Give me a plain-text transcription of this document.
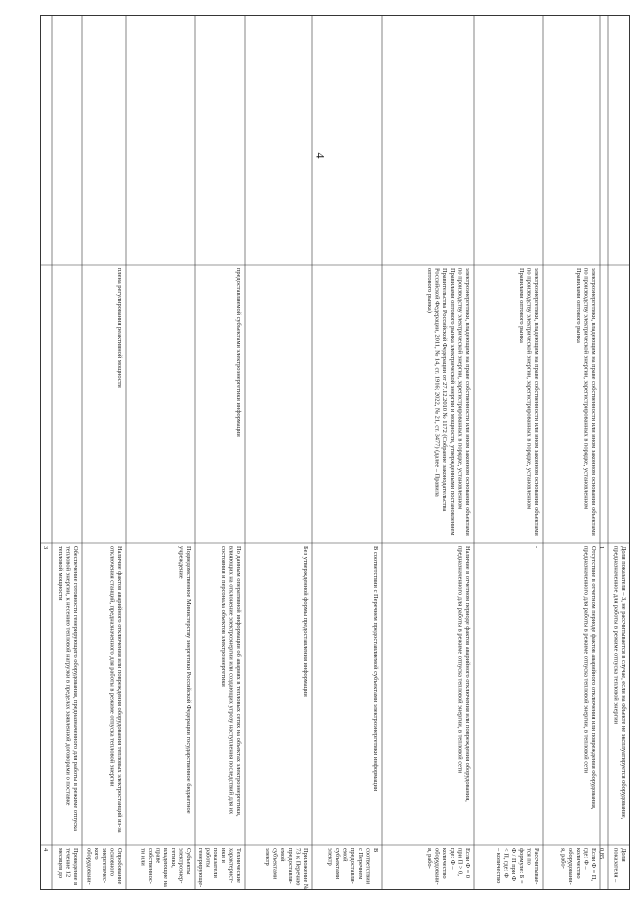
4
3
4
Обеспечение готовности генерирующего оборудования, предназначенного для работы в режиме отпускатепловой энергии, к несению тепловой нагрузки в пределах заявленной договорами о поставкетепловой мощности
Проведение втечение 12месяцев до
плена регулирования реактивной мощности
Наличие фактов аварийного отключения или повреждения оборудования тепловых электростанций из-заотключения станций, предназначенного для работы в режиме отпуска тепловой энергии
Опробованиеосновногоэнергетичес-когооборудовани-
Подведомственное Министерству энергетики Российской Федерации государственное бюджетноеучреждение
Субъектыэлектроэнер-гетики,владеющие направесобственнос-ти или
предоставляемой субъектами электроэнергетики информации
По данным оперативной информации об авариях в тепловых сетях на объектах электроэнергетики,влияющих на отклонение электроэнергии или создающих угрозу наступления последствий для ихсостояния и персонала объектов электроэнергетики
Техническиехарактерист-ики ипоказателиработыгенерирующе-
Без утвержденной формы предоставления информации
Приложение №73 к Перечнюпредоставля-емойсубъектамиэлектр
В соответствии с Перечнем предоставляемой субъектами электроэнергетики информации
Всоответствиис Перечнемпредоставля-емойсубъектамиэлектр
электроэнергетики, владеющим на праве собственности или ином законном основании объектамипо производству электрической энергии, зарегистрированных в порядке, установленномПравилами оптового рынка электрической энергии и мощности, утвержденными постановлениемПравительства Российской Федерации от 27.12.2010 № 1172 (Собрание законодательстваРоссийской Федерации, 2011, № 14, ст. 1916; 2022, № 21, ст. 3477) (далее – Правилаоптового рынка)
Наличие в отчетном периоде фактов аварийного отключения или повреждения оборудования,предназначенного для работы в режиме отпуска тепловой энергии, в тепловой сети
Если Ф = 0при П > 0,где: Ф –количествооборудовани-я, рабо-
электроэнергетики, владеющим на праве собственности или ином законном основании объектамипо производству электрической энергии, зарегистрированных в порядке, установленномПравилами оптового рынка
-
Рассчитывае-тся поформуле: Б =Ф / П при Ф< П, где: Ф– количество
электроэнергетики, владеющим на праве собственности или ином законном основании объектамипо производству электрической энергии, зарегистрированных в порядке, установленномПравилами оптового рынка
Отсутствие в отчетном периоде фактов аварийного отключения или повреждения оборудования,предназначенного для работы в режиме отпуска тепловой энергии, в тепловой сети
Если Ф = П,где: Ф –количествооборудовани-я, рабо-
1
0,85
Доля показателя – 3, не рассчитывается в случае, если на объекте не эксплуатируется оборудование,предназначенное для работы в режиме отпуска тепловой энергии
Доляпоказателя –
